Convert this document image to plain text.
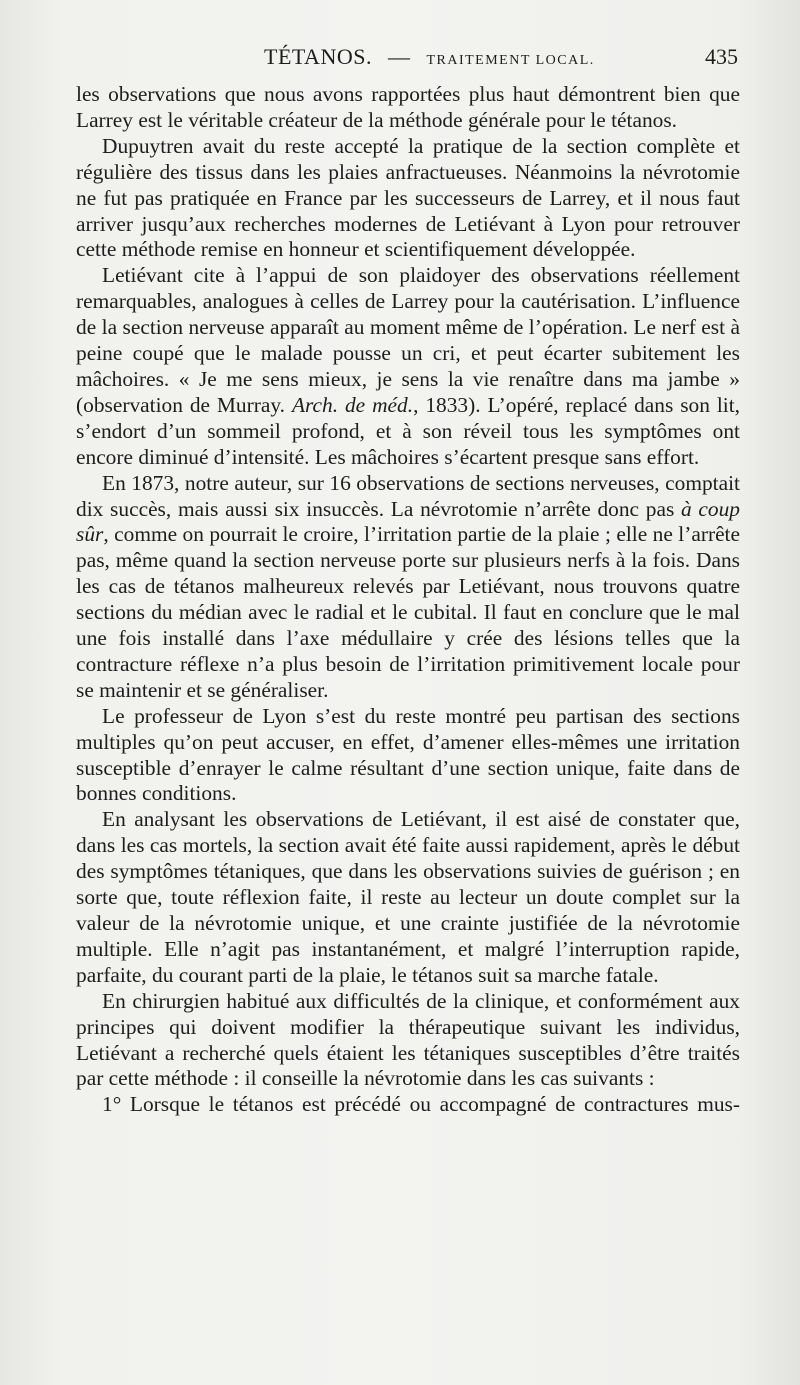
TÉTANOS. — TRAITEMENT LOCAL.	435

les observations que nous avons rapportées plus haut démontrent bien que Larrey est le véritable créateur de la méthode générale pour le tétanos.

Dupuytren avait du reste accepté la pratique de la section complète et régulière des tissus dans les plaies anfractueuses. Néanmoins la névrotomie ne fut pas pratiquée en France par les successeurs de Larrey, et il nous faut arriver jusqu’aux recherches modernes de Letiévant à Lyon pour retrouver cette méthode remise en honneur et scientifiquement développée.

Letiévant cite à l’appui de son plaidoyer des observations réellement remarquables, analogues à celles de Larrey pour la cautérisation. L’influence de la section nerveuse apparaît au moment même de l’opération. Le nerf est à peine coupé que le malade pousse un cri, et peut écarter subitement les mâchoires. « Je me sens mieux, je sens la vie renaître dans ma jambe » (observation de Murray. Arch. de méd., 1833). L’opéré, replacé dans son lit, s’endort d’un sommeil profond, et à son réveil tous les symptômes ont encore diminué d’intensité. Les mâchoires s’écartent presque sans effort.

En 1873, notre auteur, sur 16 observations de sections nerveuses, comptait dix succès, mais aussi six insuccès. La névrotomie n’arrête donc pas à coup sûr, comme on pourrait le croire, l’irritation partie de la plaie ; elle ne l’arrête pas, même quand la section nerveuse porte sur plusieurs nerfs à la fois. Dans les cas de tétanos malheureux relevés par Letiévant, nous trouvons quatre sections du médian avec le radial et le cubital. Il faut en conclure que le mal une fois installé dans l’axe médullaire y crée des lésions telles que la contracture réflexe n’a plus besoin de l’irritation primitivement locale pour se maintenir et se généraliser.

Le professeur de Lyon s’est du reste montré peu partisan des sections multiples qu’on peut accuser, en effet, d’amener elles-mêmes une irritation susceptible d’enrayer le calme résultant d’une section unique, faite dans de bonnes conditions.

En analysant les observations de Letiévant, il est aisé de constater que, dans les cas mortels, la section avait été faite aussi rapidement, après le début des symptômes tétaniques, que dans les observations suivies de guérison ; en sorte que, toute réflexion faite, il reste au lecteur un doute complet sur la valeur de la névrotomie unique, et une crainte justifiée de la névrotomie multiple. Elle n’agit pas instantanément, et malgré l’interruption rapide, parfaite, du courant parti de la plaie, le tétanos suit sa marche fatale.

En chirurgien habitué aux difficultés de la clinique, et conformément aux principes qui doivent modifier la thérapeutique suivant les individus, Letiévant a recherché quels étaient les tétaniques susceptibles d’être traités par cette méthode : il conseille la névrotomie dans les cas suivants :

1° Lorsque le tétanos est précédé ou accompagné de contractures mus-
